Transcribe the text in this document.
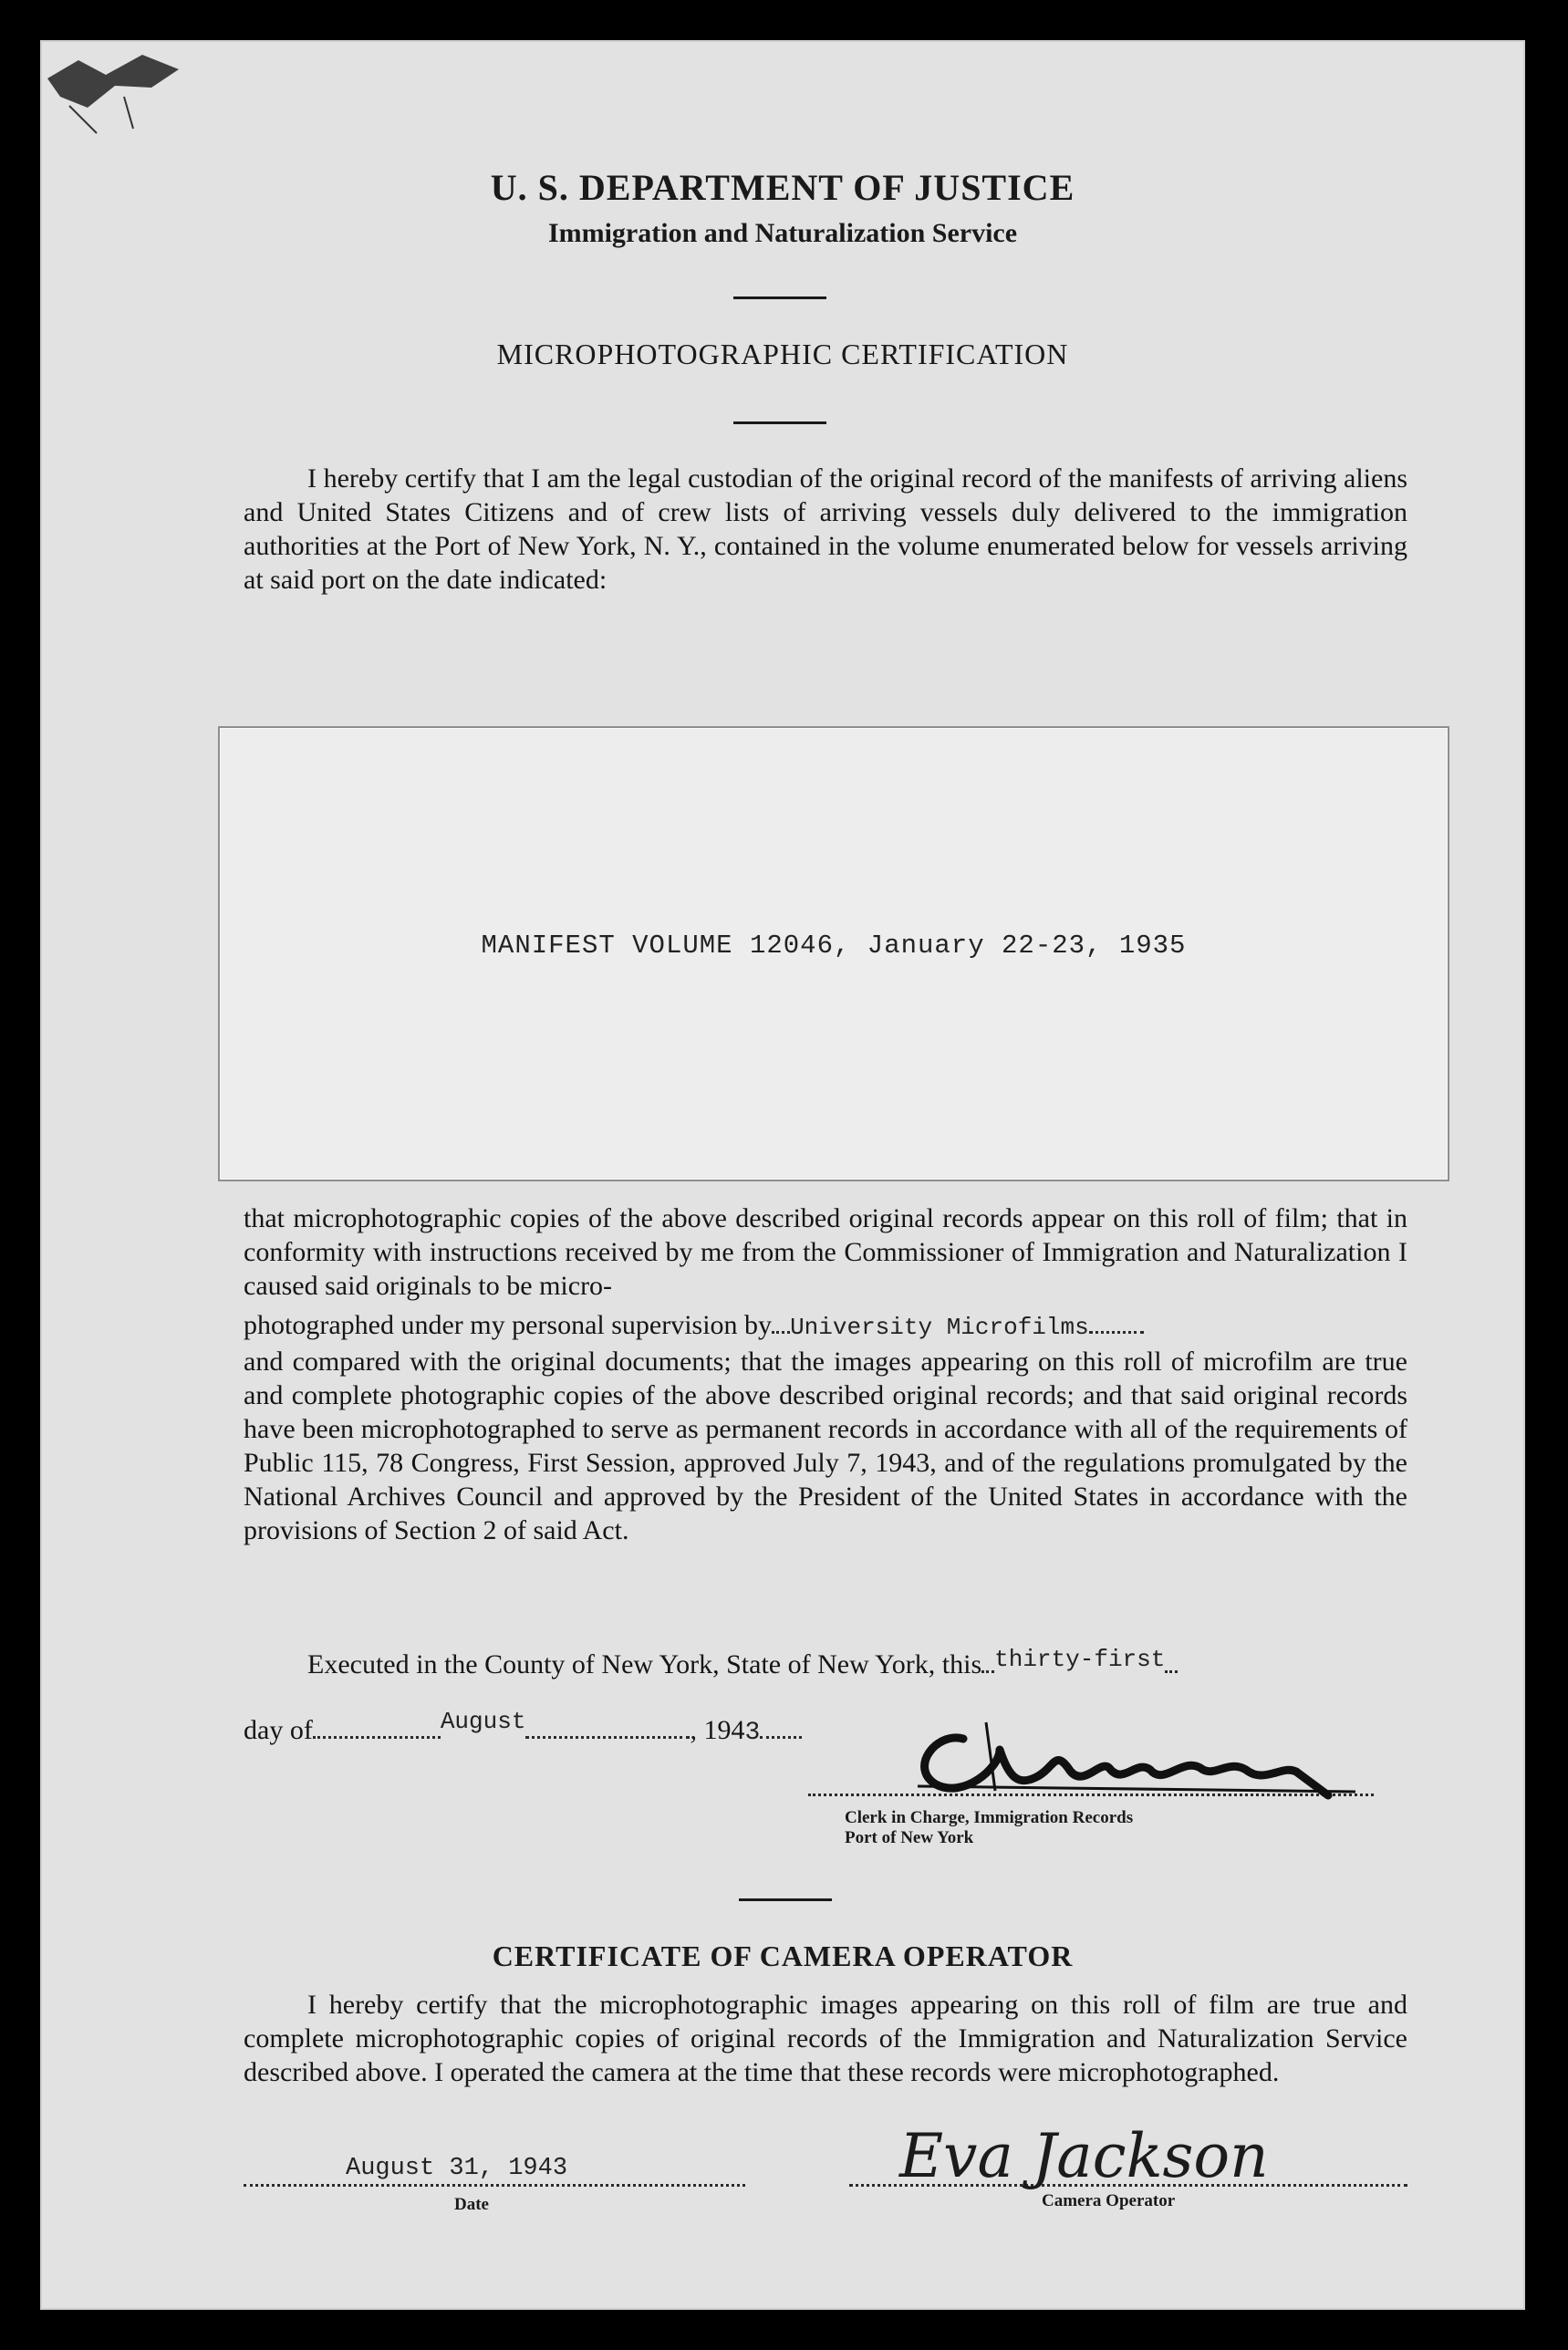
U. S. DEPARTMENT OF JUSTICE
Immigration and Naturalization Service
MICROPHOTOGRAPHIC CERTIFICATION

I hereby certify that I am the legal custodian of the original record of the manifests of arriving aliens and United States Citizens and of crew lists of arriving vessels duly delivered to the immigration authorities at the Port of New York, N. Y., contained in the volume enumerated below for vessels arriving at said port on the date indicated:

MANIFEST VOLUME 12046, January 22-23, 1935

that microphotographic copies of the above described original records appear on this roll of film; that in conformity with instructions received by me from the Commissioner of Immigration and Naturalization I caused said originals to be micro-

photographed under my personal supervision by University Microfilms

and compared with the original documents; that the images appearing on this roll of microfilm are true and complete photographic copies of the above described original records; and that said original records have been microphotographed to serve as permanent records in accordance with all of the requirements of Public 115, 78 Congress, First Session, approved July 7, 1943, and of the regulations promulgated by the National Archives Council and approved by the President of the United States in accordance with the provisions of Section 2 of said Act.

Executed in the County of New York, State of New York, this thirty-first
day of	August	, 1943
Clerk in Charge, Immigration Records
Port of New York
CERTIFICATE OF CAMERA OPERATOR

I hereby certify that the microphotographic images appearing on this roll of film are true and complete microphotographic copies of original records of the Immigration and Naturalization Service described above. I operated the camera at the time that these records were microphotographed.

August 31, 1943
Date
Eva Jackson
Camera Operator
